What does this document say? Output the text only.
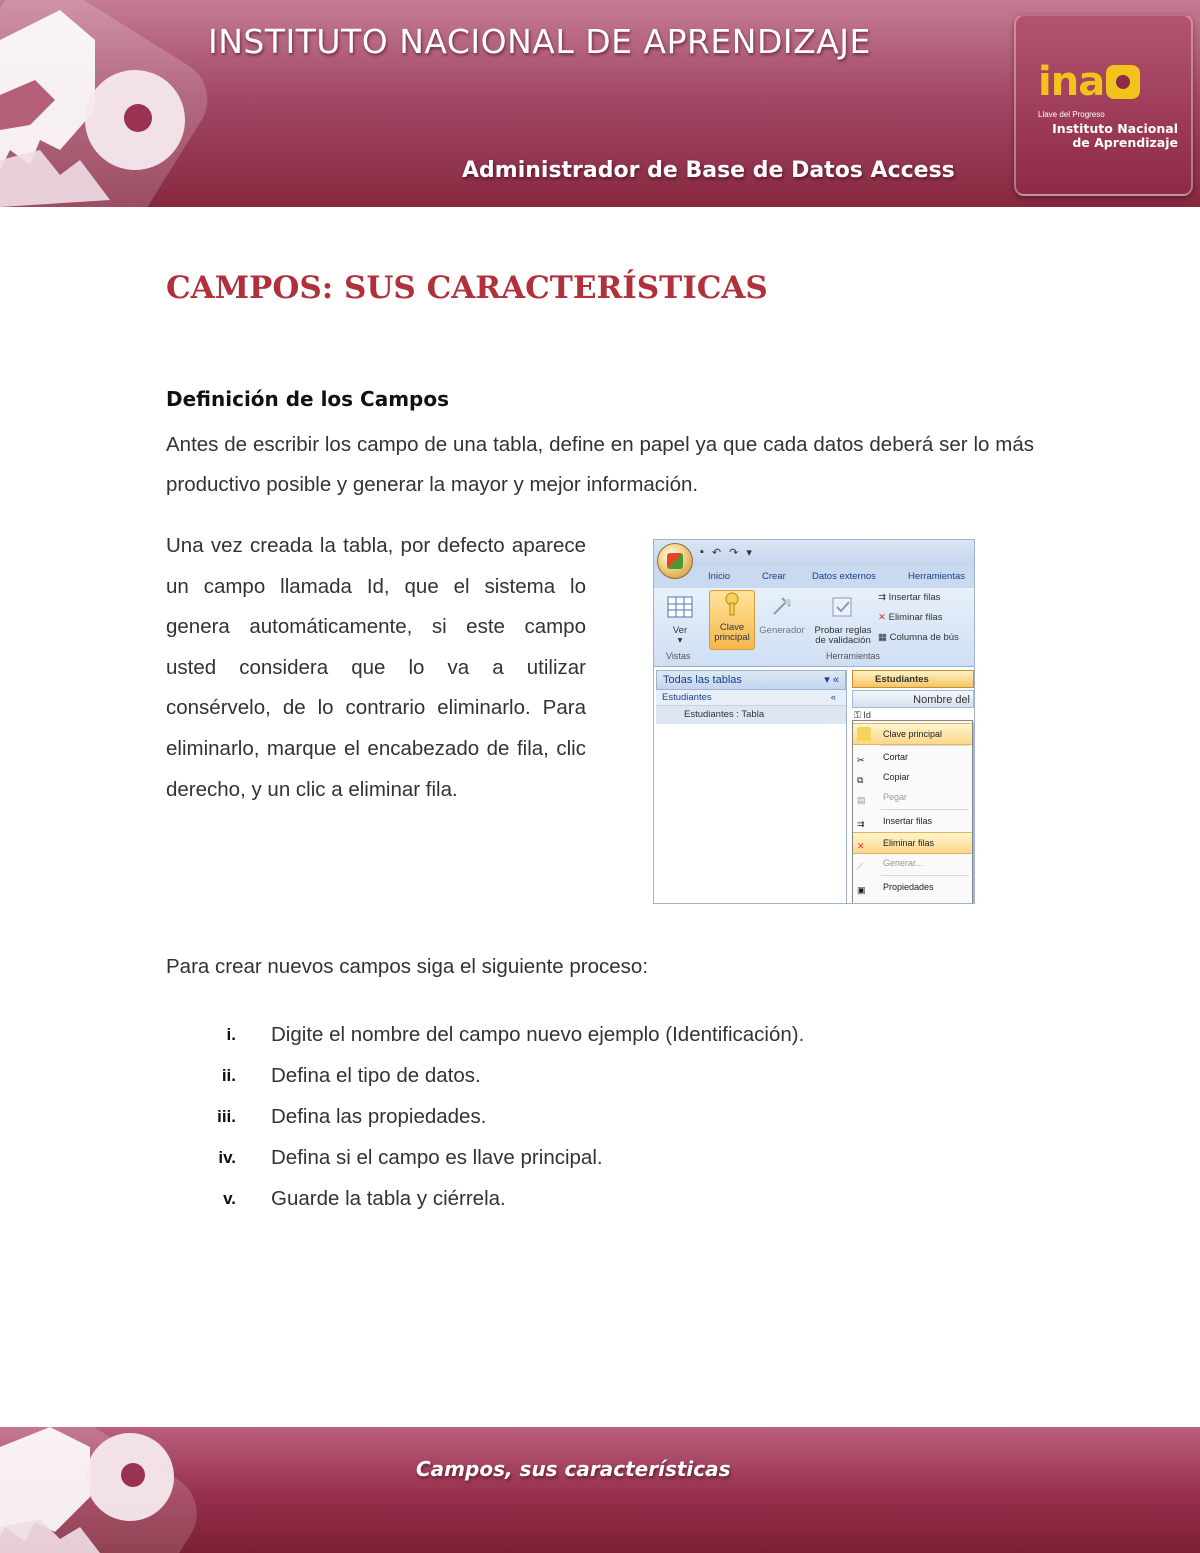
INSTITUTO NACIONAL DE APRENDIZAJE
Administrador de Base de Datos Access
ina
Llave del Progreso
Instituto Nacional
de Aprendizaje
CAMPOS: SUS CARACTERÍSTICAS
Definición de los Campos
Antes de escribir los campo de una tabla, define en papel ya que cada datos deberá ser lo más productivo posible y generar la mayor y mejor información.
Una vez creada la tabla, por defecto aparece un campo llamada Id, que el sistema lo genera automáticamente, si este campo usted considera que lo va a utilizar consérvelo, de lo contrario eliminarlo. Para eliminarlo, marque el encabezado de fila, clic derecho, y un clic a eliminar fila.
▪ ↶ ↷ ▾
Inicio	Crear	Datos externos	Herramientas
Ver
▾
Clave
principal
Generador Probar reglas
de validación
⇉ Insertar filas
✕ Eliminar filas
▦ Columna de bús
Vistas	Herramientas
Todas las tablas	▾ «
Estudiantes	«
Estudiantes : Tabla
Estudiantes
Nombre del
⚿ Id
Clave principal
✂	Cortar
⧉	Copiar
▤	Pegar
⇉	Insertar filas
✕	Eliminar filas
⟋	Generar...
▣	Propiedades
Para crear nuevos campos siga el siguiente proceso:
i. Digite el nombre del campo nuevo ejemplo (Identificación).
ii. Defina el tipo de datos.
iii. Defina las propiedades.
iv. Defina si el campo es llave principal.
v. Guarde la tabla y ciérrela.
Campos, sus características
